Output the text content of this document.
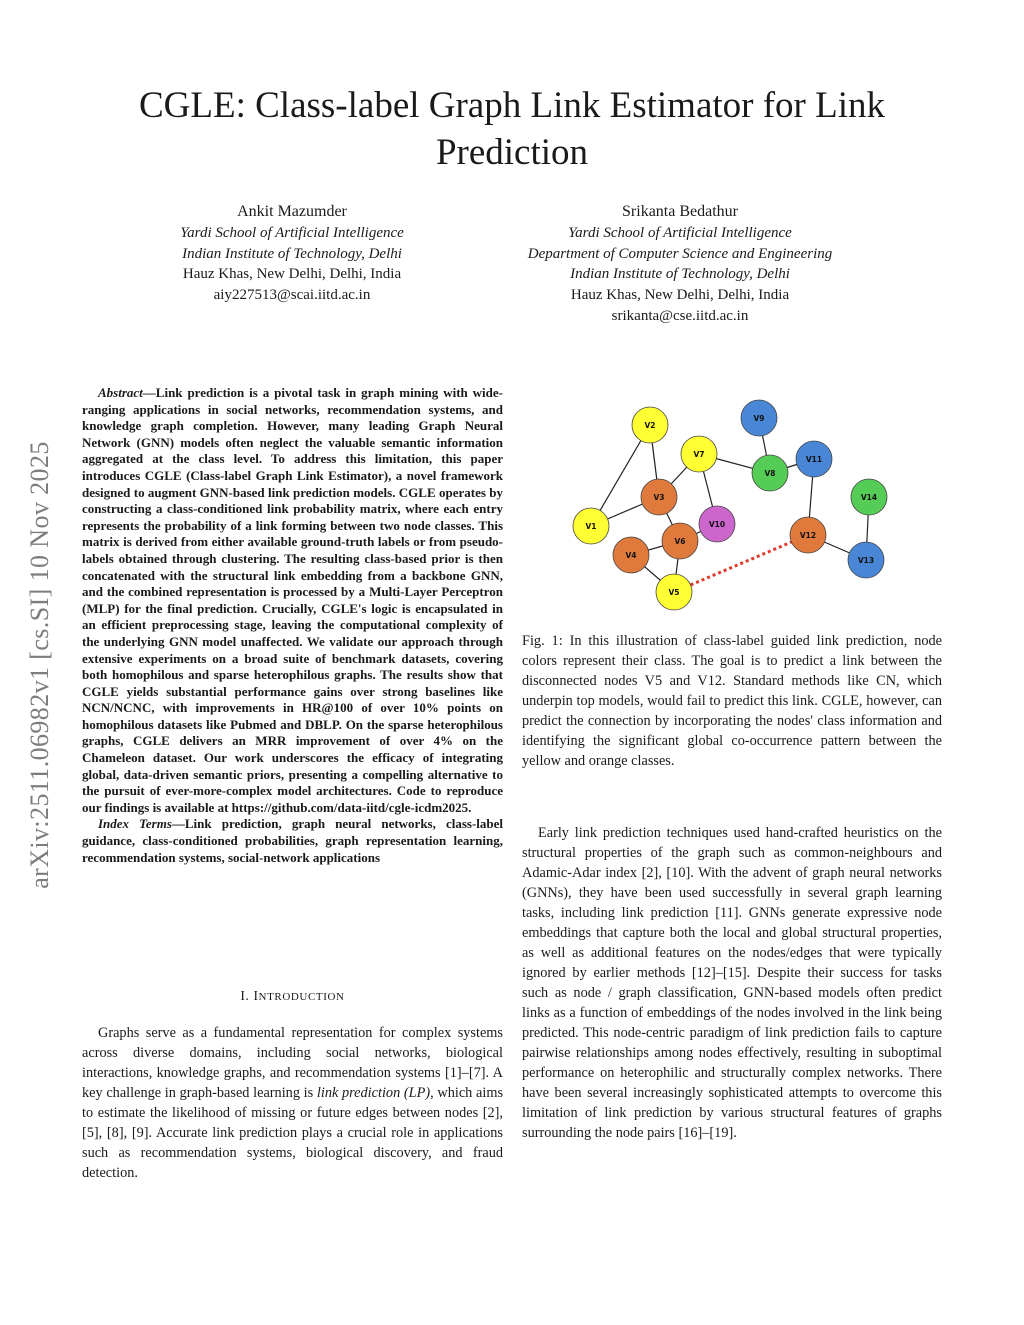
arXiv:2511.06982v1 [cs.SI] 10 Nov 2025
CGLE: Class-label Graph Link Estimator for Link Prediction
Ankit Mazumder
Yardi School of Artificial Intelligence
Indian Institute of Technology, Delhi
Hauz Khas, New Delhi, Delhi, India
aiy227513@scai.iitd.ac.in
Srikanta Bedathur
Yardi School of Artificial Intelligence
Department of Computer Science and Engineering
Indian Institute of Technology, Delhi
Hauz Khas, New Delhi, Delhi, India
srikanta@cse.iitd.ac.in

Abstract—Link prediction is a pivotal task in graph mining with wide-ranging applications in social networks, recommendation systems, and knowledge graph completion. However, many leading Graph Neural Network (GNN) models often neglect the valuable semantic information aggregated at the class level. To address this limitation, this paper introduces CGLE (Class-label Graph Link Estimator), a novel framework designed to augment GNN-based link prediction models. CGLE operates by constructing a class-conditioned link probability matrix, where each entry represents the probability of a link forming between two node classes. This matrix is derived from either available ground-truth labels or from pseudo-labels obtained through clustering. The resulting class-based prior is then concatenated with the structural link embedding from a backbone GNN, and the combined representation is processed by a Multi-Layer Perceptron (MLP) for the final prediction. Crucially, CGLE's logic is encapsulated in an efficient preprocessing stage, leaving the computational complexity of the underlying GNN model unaffected. We validate our approach through extensive experiments on a broad suite of benchmark datasets, covering both homophilous and sparse heterophilous graphs. The results show that CGLE yields substantial performance gains over strong baselines like NCN/NCNC, with improvements in HR@100 of over 10% points on homophilous datasets like Pubmed and DBLP. On the sparse heterophilous graphs, CGLE delivers an MRR improvement of over 4% on the Chameleon dataset. Our work underscores the efficacy of integrating global, data-driven semantic priors, presenting a compelling alternative to the pursuit of ever-more-complex model architectures. Code to reproduce our findings is available at https://github.com/data-iitd/cgle-icdm2025.

Index Terms—Link prediction, graph neural networks, class-label guidance, class-conditioned probabilities, graph representation learning, recommendation systems, social-network applications

I. INTRODUCTION

Graphs serve as a fundamental representation for complex systems across diverse domains, including social networks, biological interactions, knowledge graphs, and recommendation systems [1]–[7]. A key challenge in graph-based learning is link prediction (LP), which aims to estimate the likelihood of missing or future edges between nodes [2], [5], [8], [9]. Accurate link prediction plays a crucial role in applications such as recommendation systems, biological discovery, and fraud detection.

V1
V2
V3
V4
V5
V6
V7
V8
V9
V10
V11
V12
V13
V14

Fig. 1: In this illustration of class-label guided link prediction, node colors represent their class. The goal is to predict a link between the disconnected nodes V5 and V12. Standard methods like CN, which underpin top models, would fail to predict this link. CGLE, however, can predict the connection by incorporating the nodes' class information and identifying the significant global co-occurrence pattern between the yellow and orange classes.

Early link prediction techniques used hand-crafted heuristics on the structural properties of the graph such as common-neighbours and Adamic-Adar index [2], [10]. With the advent of graph neural networks (GNNs), they have been used successfully in several graph learning tasks, including link prediction [11]. GNNs generate expressive node embeddings that capture both the local and global structural properties, as well as additional features on the nodes/edges that were typically ignored by earlier methods [12]–[15]. Despite their success for tasks such as node / graph classification, GNN-based models often predict links as a function of embeddings of the nodes involved in the link being predicted. This node-centric paradigm of link prediction fails to capture pairwise relationships among nodes effectively, resulting in suboptimal performance on heterophilic and structurally complex networks. There have been several increasingly sophisticated attempts to overcome this limitation of link prediction by various structural features of graphs surrounding the node pairs [16]–[19].
